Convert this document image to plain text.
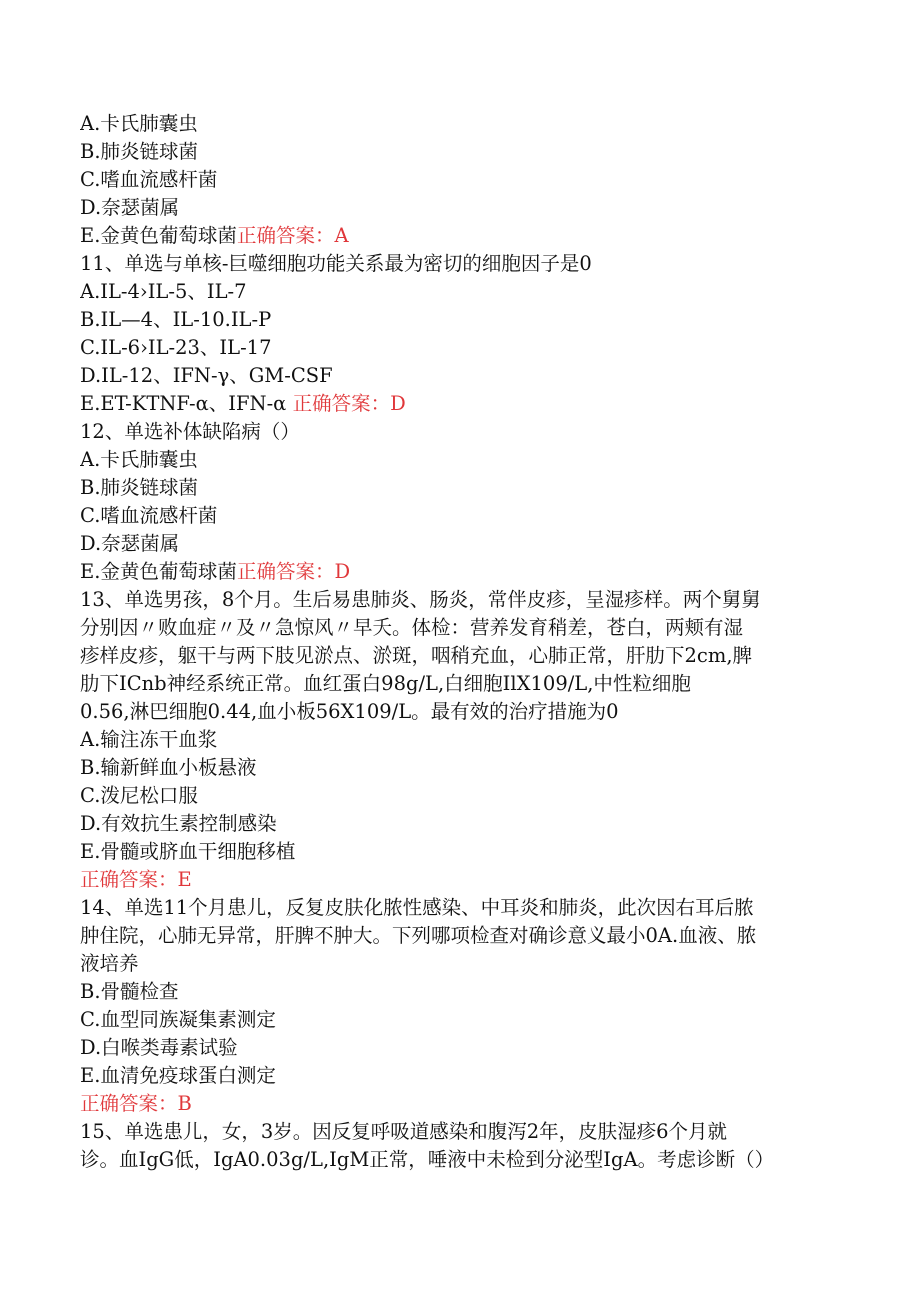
A.卡氏肺囊虫
B.肺炎链球菌
C.嗜血流感杆菌
D.奈瑟菌属
E.金黄色葡萄球菌正确答案：A
11、单选与单核-巨噬细胞功能关系最为密切的细胞因子是0
A.IL-4›IL-5、IL-7
B.IL—4、IL-10.IL-P
C.IL-6›IL-23、IL-17
D.IL-12、IFN-γ、GM-CSF
E.ET-KTNF-α、IFN-α 正确答案：D
12、单选补体缺陷病（）
A.卡氏肺囊虫
B.肺炎链球菌
C.嗜血流感杆菌
D.奈瑟菌属
E.金黄色葡萄球菌正确答案：D
13、单选男孩，8个月。生后易患肺炎、肠炎，常伴皮疹，呈湿疹样。两个舅舅
分别因〃败血症〃及〃急惊风〃早夭。体检：营养发育稍差，苍白，两颊有湿
疹样皮疹，躯干与两下肢见淤点、淤斑，咽稍充血，心肺正常，肝肋下2cm,脾
肋下ICnb神经系统正常。血红蛋白98g/L,白细胞IlX109/L,中性粒细胞
0.56,淋巴细胞0.44,血小板56X109/L。最有效的治疗措施为0
A.输注冻干血浆
B.输新鲜血小板悬液
C.泼尼松口服
D.有效抗生素控制感染
E.骨髓或脐血干细胞移植
正确答案：E
14、单选11个月患儿，反复皮肤化脓性感染、中耳炎和肺炎，此次因右耳后脓
肿住院，心肺无异常，肝脾不肿大。下列哪项检查对确诊意义最小0A.血液、脓
液培养
B.骨髓检查
C.血型同族凝集素测定
D.白喉类毒素试验
E.血清免疫球蛋白测定
正确答案：B
15、单选患儿，女，3岁。因反复呼吸道感染和腹泻2年，皮肤湿疹6个月就
诊。血IgG低，IgA0.03g/L,IgM正常，唾液中未检到分泌型IgA。考虑诊断（）
